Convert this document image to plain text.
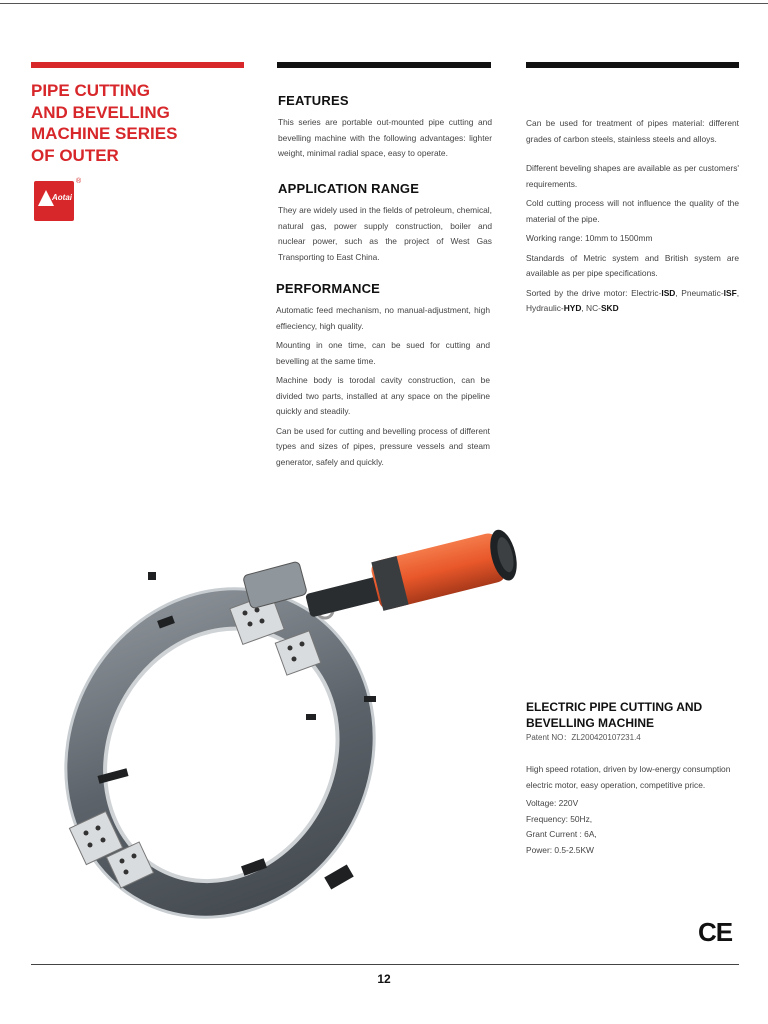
PIPE CUTTING
AND BEVELLING
MACHINE SERIES
OF OUTER
Aotai
®
FEATURES

This series are portable out-mounted pipe cutting and bevelling machine with the following advantages: lighter weight, minimal radial space, easy to operate.

APPLICATION RANGE

They are widely used in the fields of petroleum, chemical, natural gas, power supply construction, boiler and nuclear power, such as the project of West Gas Transporting to East China.

PERFORMANCE

Automatic feed mechanism, no manual-adjustment, high effieciency, high quality.

Mounting in one time, can be sued for cutting and bevelling at the same time.

Machine body is torodal cavity construction, can be divided two parts, installed at any space on the pipeline quickly and steadily.

Can be used for cutting and bevelling process of different types and sizes of pipes, pressure vessels and steam generator, safely and quickly.

Can be used for treatment of pipes material: different grades of carbon steels, stainless steels and alloys.

Different beveling shapes are available as per customers' requirements.

Cold cutting process will not influence the quality of the material of the pipe.

Working range: 10mm to 1500mm

Standards of Metric system and British system are available as per pipe specifications.

Sorted by the drive motor: Electric-ISD, Pneumatic-ISF, Hydraulic-HYD, NC-SKD

ELECTRIC PIPE CUTTING AND BEVELLING MACHINE
Patent NO：ZL200420107231.4

High speed rotation, driven by low-energy consumption electric motor, easy operation, competitive price.

Voltage: 220V

Frequency: 50Hz,

Grant Current : 6A,

Power: 0.5-2.5KW

CE
12
